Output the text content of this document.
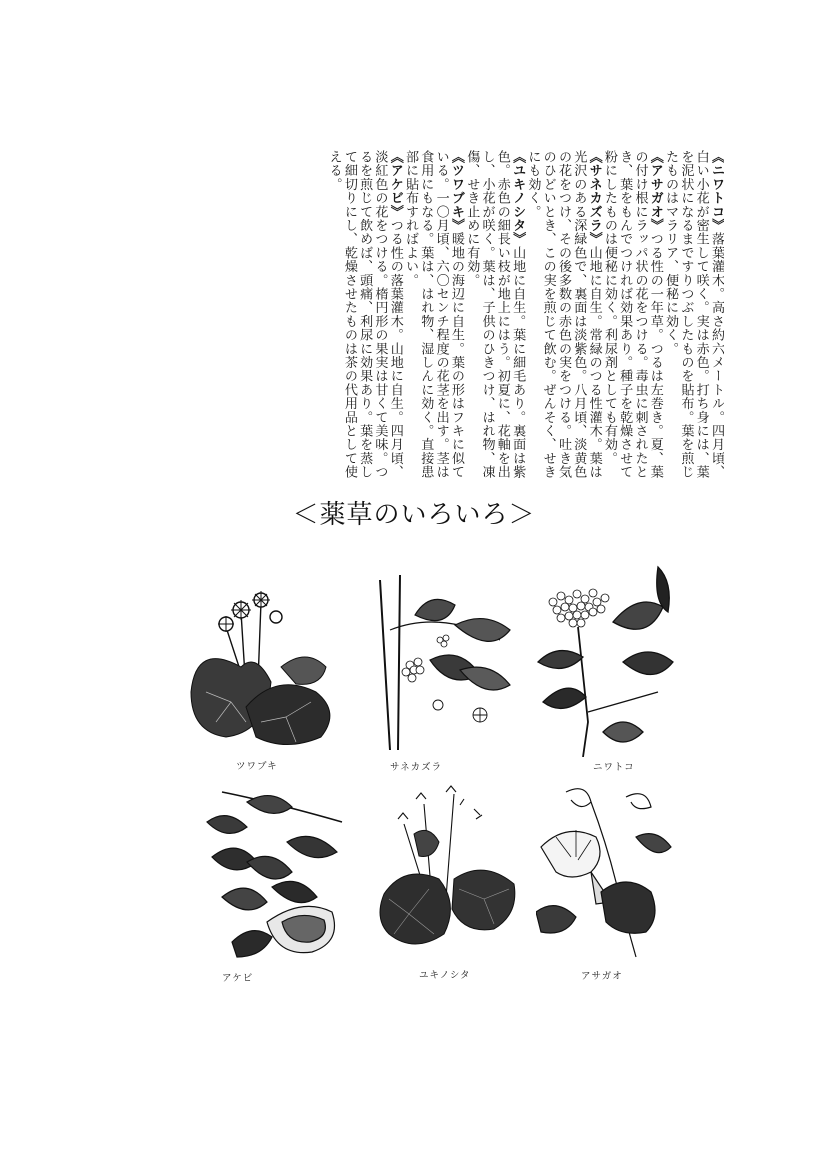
《ニワトコ》落葉灌木。高さ約六メートル。四月頃、白い小花が密生して咲く。実は赤色。打ち身には、葉を泥状になるまですりつぶしたものを貼布。葉を煎じたものはマラリア、便秘に効く。
《アサガオ》つる性の一年草。つるは左巻き。夏、葉の付け根にラッパ状の花をつける。毒虫に刺されたとき、葉をもんでつければ効果あり。種子を乾燥させて粉にしたものは便秘に効く。利尿剤としても有効。
《サネカズラ》山地に自生。常緑のつる性灌木。葉は光沢のある深緑色で、裏面は淡紫色。八月頃、淡黄色の花をつけ、その後多数の赤色の実をつける。吐き気のひどいとき、この実を煎じて飲む。ぜんそく、せきにも効く。
《ユキノシタ》山地に自生。葉に細毛あり。裏面は紫色。赤色の細長い枝が地上にはう。初夏に、花軸を出し、小花が咲く。葉は、子供のひきつけ、はれ物、凍傷、せき止めに有効。
《ツワブキ》暖地の海辺に自生。葉の形はフキに似ている。一〇月頃、六〇センチ程度の花茎を出す。茎は食用にもなる。葉は、はれ物、湿しんに効く。直接患部に貼布すればよい。
《アケビ》つる性の落葉灌木。山地に自生。四月頃、淡紅色の花をつける。楕円形の果実は甘くて美味。つるを煎じて飲めば、頭痛、利尿に効果あり。葉を蒸して細切りにし、乾燥させたものは茶の代用品として使える。
＜薬草のいろいろ＞
ツワブキ	サネカズラ	ニワトコ
アケビ	ユキノシタ	アサガオ
